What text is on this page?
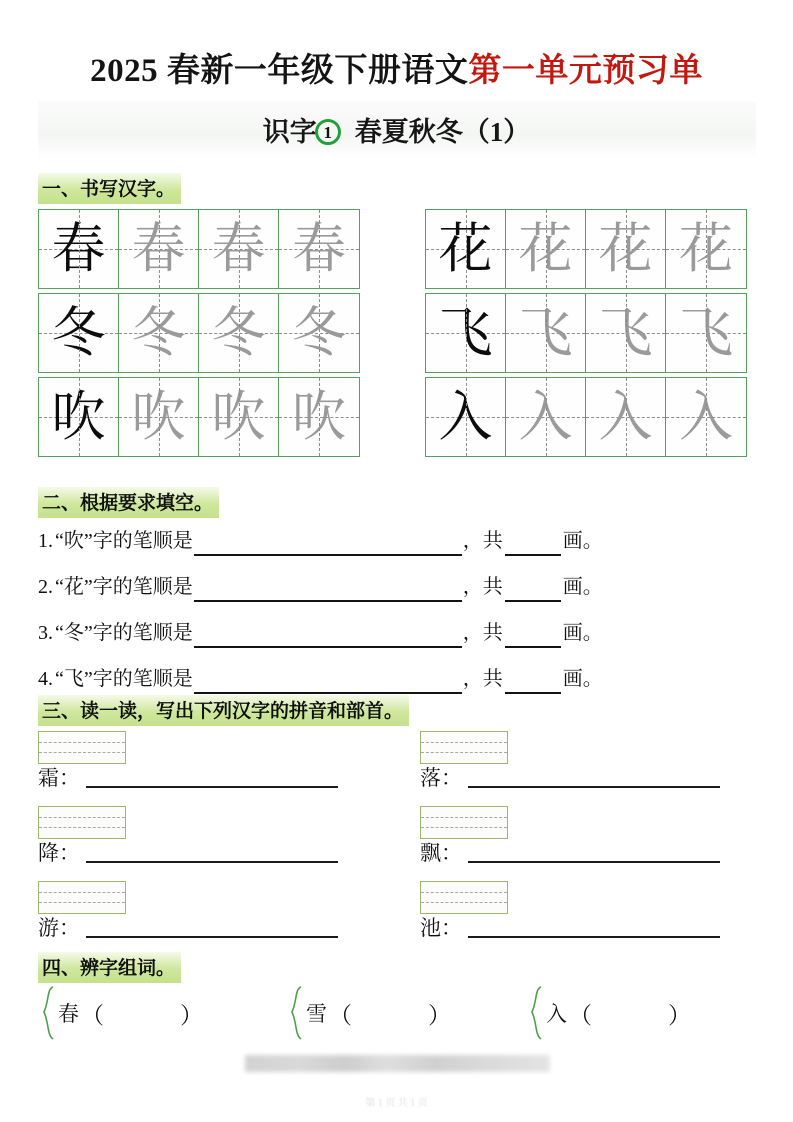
2025 春新一年级下册语文第一单元预习单
识字 1 春夏秋冬（1）
一、书写汉字。
春 春 春 春
冬 冬 冬 冬
吹 吹 吹 吹
花 花 花 花
飞 飞 飞 飞
入 入 入 入
二、根据要求填空。
1. “吹”字的笔顺是	，共	画。
2. “花”字的笔顺是	，共	画。
3. “冬”字的笔顺是	，共	画。
4. “飞”字的笔顺是	，共	画。
三、读一读，写出下列汉字的拼音和部首。
霜：
降：
游：
落：
飘：
池：
四、辨字组词。
春 （	）	雪 （	）	入 （	）
第 1 页 共 1 页
